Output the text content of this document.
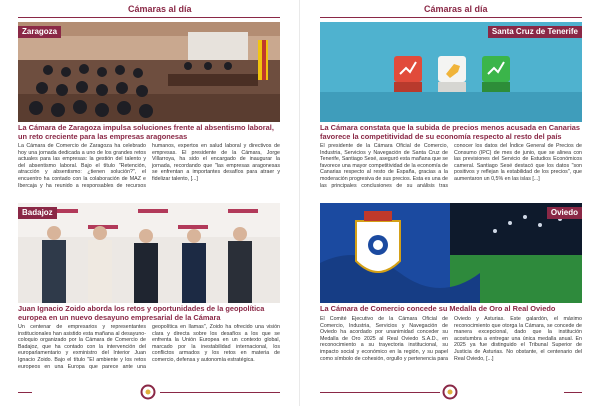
Cámaras al día
Zaragoza
La Cámara de Zaragoza impulsa soluciones frente al absentismo laboral, un reto creciente para las empresas aragonesas
La Cámara de Comercio de Zaragoza ha celebrado hoy una jornada dedicada a uno de los grandes retos actuales para las empresas: la gestión del talento y del absentismo laboral. Bajo el título "Retención, atracción y absentismo: ¿tienen solución?", el encuentro ha contado con la colaboración de MAZ e Ibercaja y ha reunido a responsables de recursos humanos, expertos en salud laboral y directivos de empresas. El presidente de la Cámara, Jorge Villarroya, ha sido el encargado de inaugurar la jornada, recordando que "las empresas aragonesas se enfrentan a importantes desafíos para atraer y fidelizar talento, [...]
Badajoz
Juan Ignacio Zoido aborda los retos y oportunidades de la geopolítica europea en un nuevo desayuno empresarial de la Cámara
Un centenar de empresarios y representantes institucionales han asistido esta mañana al desayuno-coloquio organizado por la Cámara de Comercio de Badajoz, que ha contado con la intervención del europarlamentario y exministro del Interior Juan Ignacio Zoido. Bajo el título "El ambiente y los retos europeos en una Europa que parece ante una geopolítica en llamas", Zoido ha ofrecido una visión clara y directa sobre los desafíos a los que se enfrenta la Unión Europea en un contexto global, marcado por la inestabilidad internacional, los conflictos armados y los retos en materia de comercio, defensa y autonomía estratégica.
Cámaras al día
Santa Cruz de Tenerife
La Cámara constata que la subida de precios menos acusada en Canarias favorece la competitividad de su economía respecto al resto del país
El presidente de la Cámara Oficial de Comercio, Industria, Servicios y Navegación de Santa Cruz de Tenerife, Santiago Sesé, aseguró esta mañana que se favorece una mayor competitividad de la economía de Canarias respecto al resto de España, gracias a la moderación progresiva de sus precios. Esta es una de las principales conclusiones de su análisis tras conocer los datos del Índice General de Precios de Consumo (IPC) de mes de junio, que se alinea con las previsiones del Servicio de Estudios Económicos cameral. Santiago Sesé destacó que los datos "son positivos y reflejan la estabilidad de los precios", que aumentaron un 0,5% en las islas [...]
Oviedo
La Cámara de Comercio concede su Medalla de Oro al Real Oviedo
El Comité Ejecutivo de la Cámara Oficial de Comercio, Industria, Servicios y Navegación de Oviedo ha acordado por unanimidad conceder su Medalla de Oro 2025 al Real Oviedo S.A.D., en reconocimiento a su trayectoria institucional, su impacto social y económico en la región, y su papel como símbolo de cohesión, orgullo y pertenencia para Oviedo y Asturias. Este galardón, el máximo reconocimiento que otorga la Cámara, se concede de manera excepcional, dado que la institución acostumbra a entregar una única medalla anual. En 2025 ya fue distinguido el Tribunal Superior de Justicia de Asturias. No obstante, el centenario del Real Oviedo, [...]
